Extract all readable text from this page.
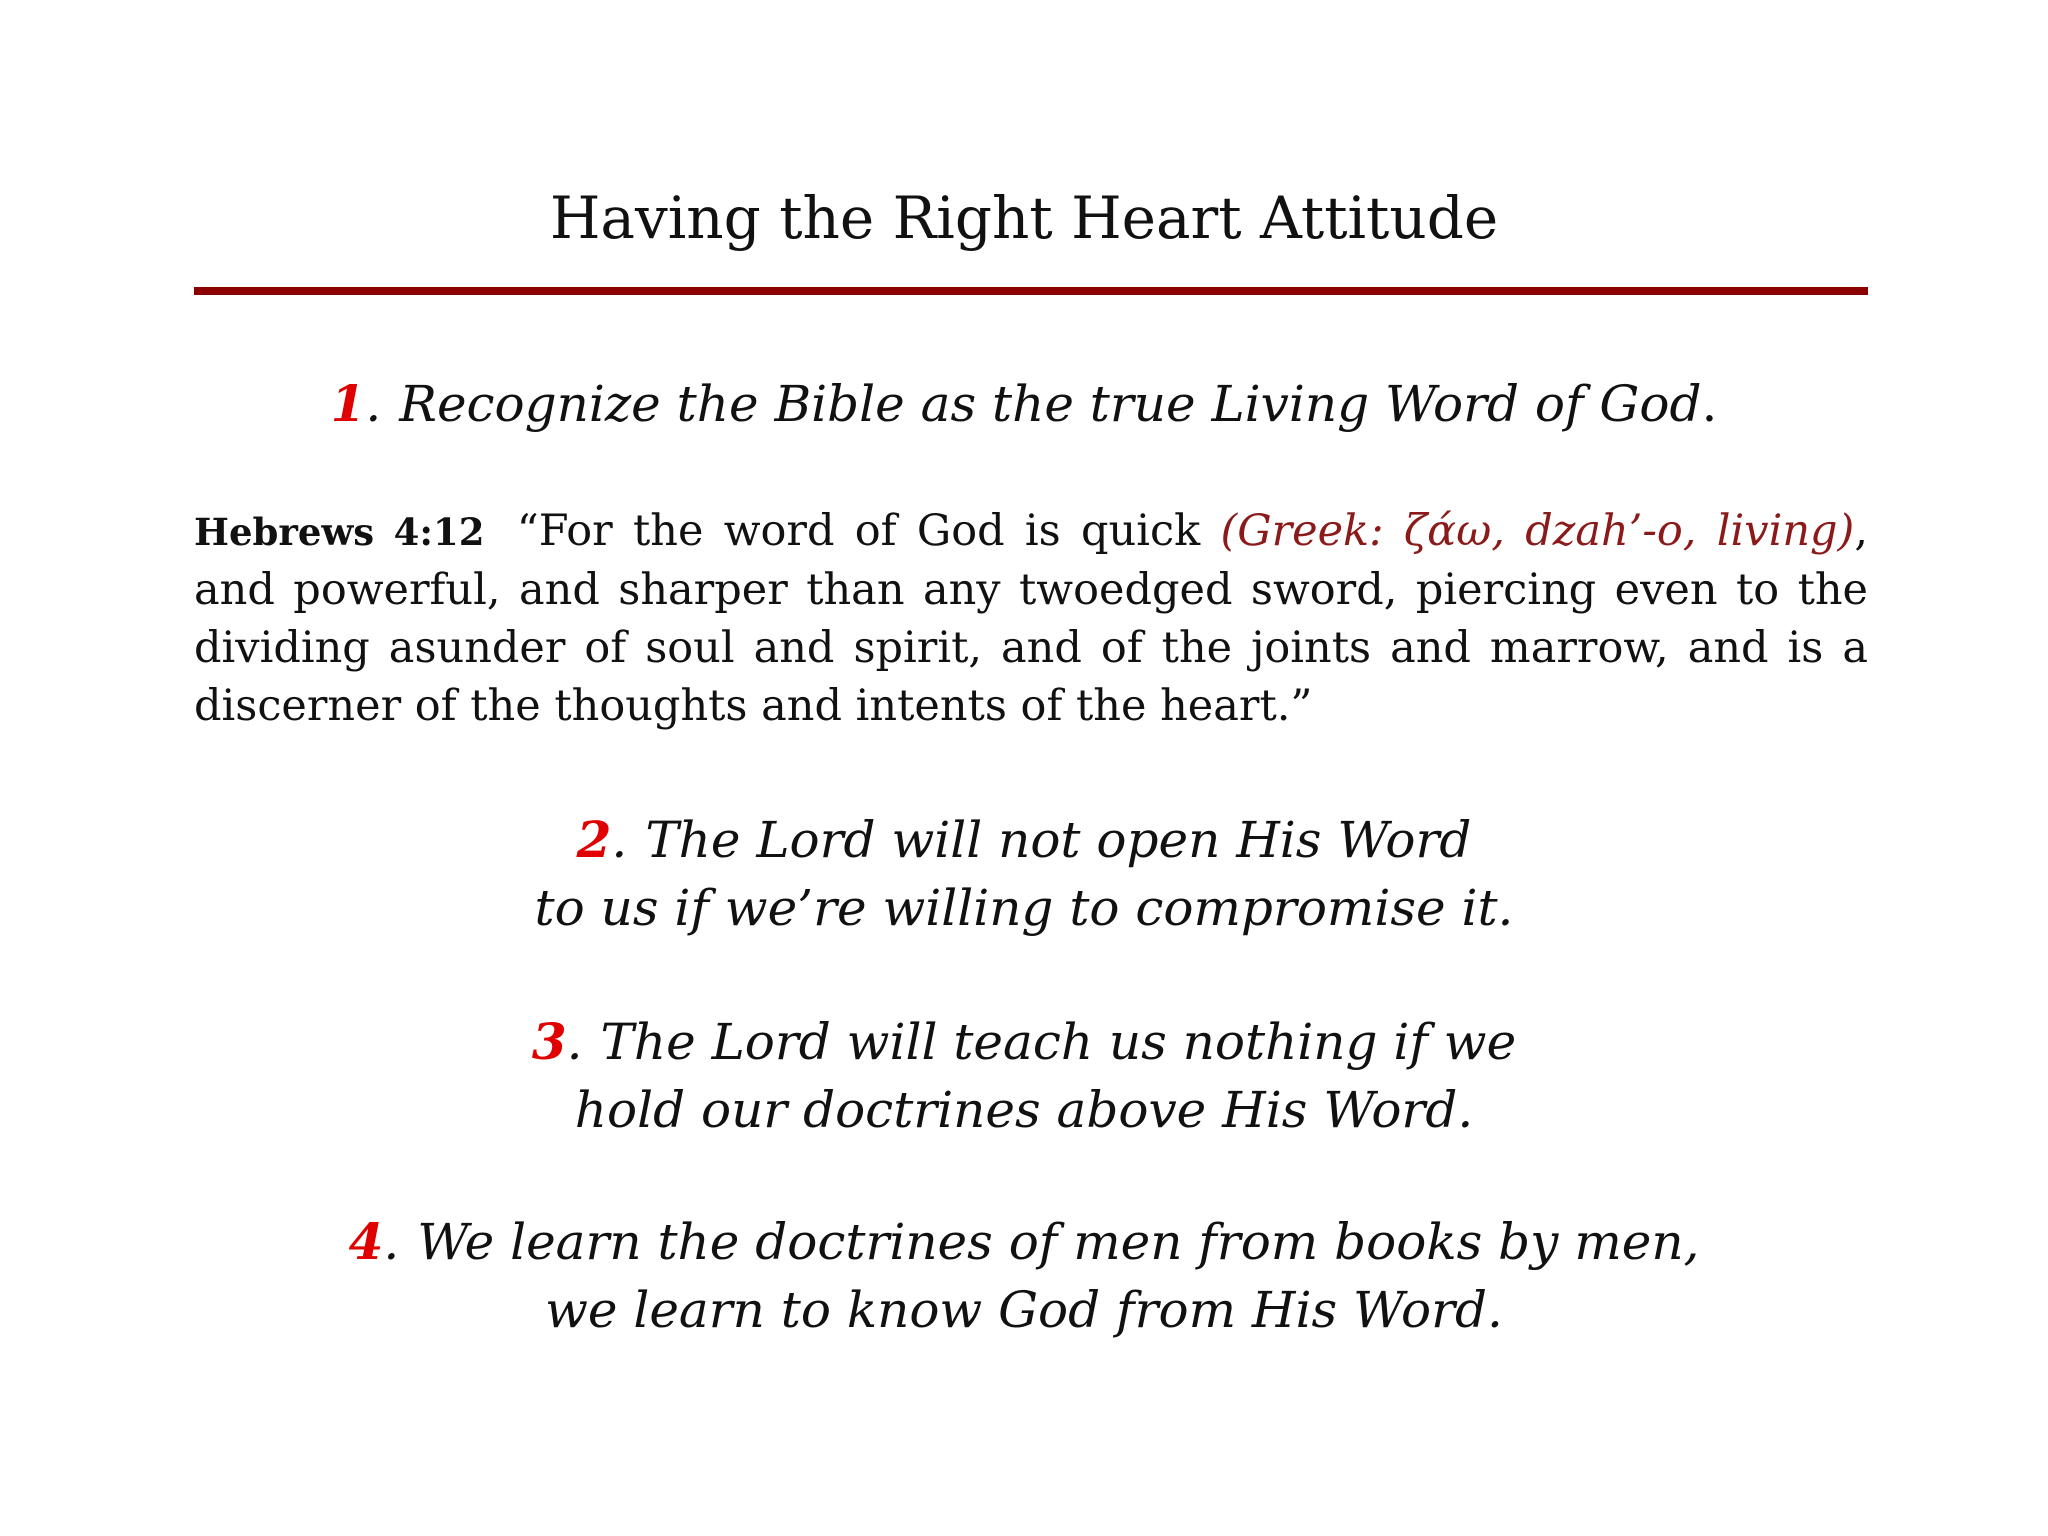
Having the Right Heart Attitude
1. Recognize the Bible as the true Living Word of God.
Hebrews 4:12 “For the word of God is quick (Greek: ζάω, dzah’-o, living), and powerful, and sharper than any twoedged sword, piercing even to the dividing asunder of soul and spirit, and of the joints and marrow, and is a discerner of the thoughts and intents of the heart.”
2. The Lord will not open His Word
to us if we’re willing to compromise it.
3. The Lord will teach us nothing if we
hold our doctrines above His Word.
4. We learn the doctrines of men from books by men,
we learn to know God from His Word.
